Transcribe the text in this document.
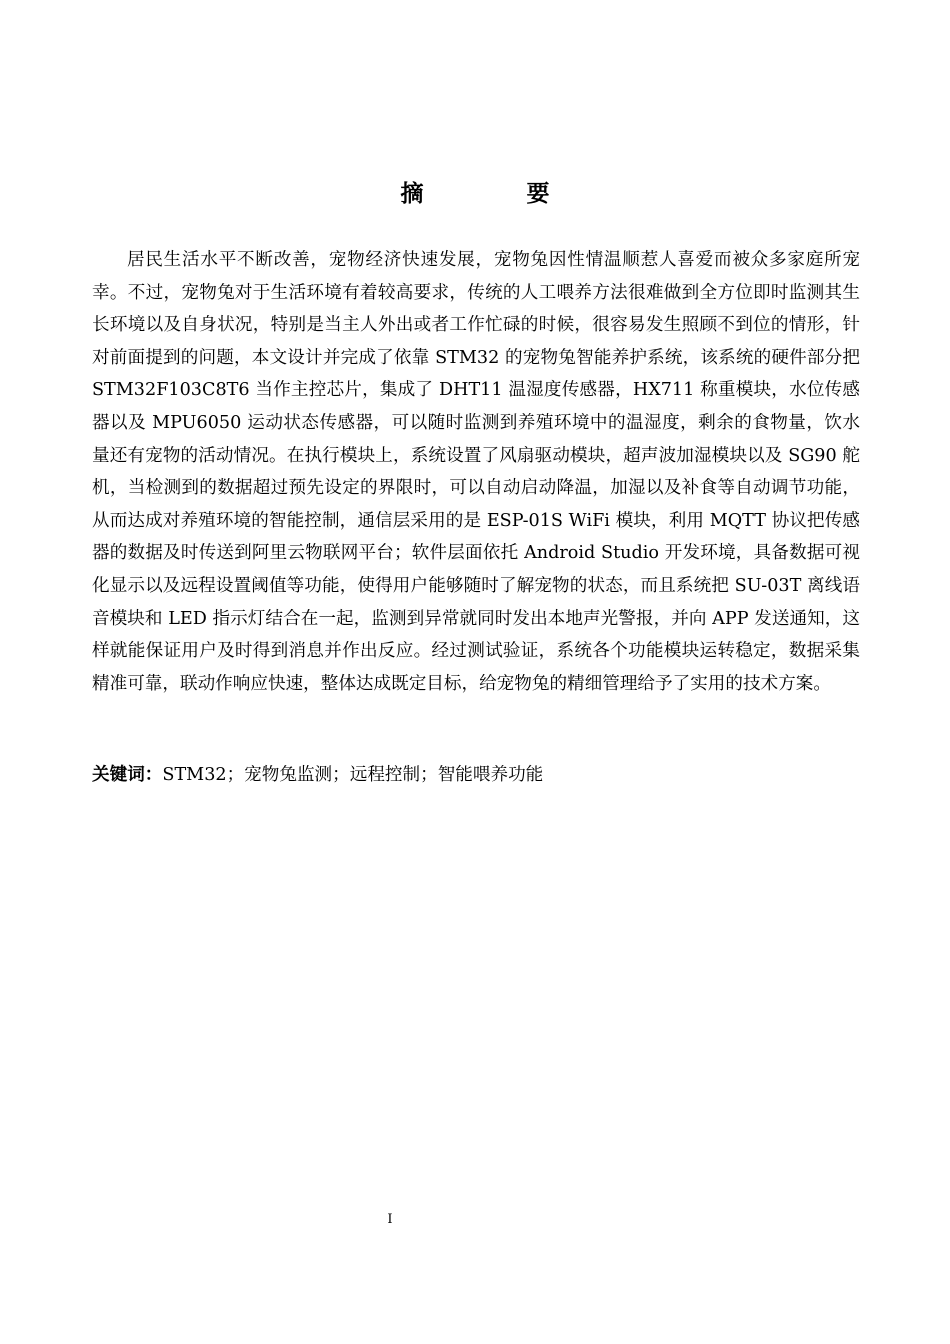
摘　要

居民生活水平不断改善，宠物经济快速发展，宠物兔因性情温顺惹人喜爱而被众多家庭所宠幸。不过，宠物兔对于生活环境有着较高要求，传统的人工喂养方法很难做到全方位即时监测其生长环境以及自身状况，特别是当主人外出或者工作忙碌的时候，很容易发生照顾不到位的情形，针对前面提到的问题，本文设计并完成了依靠 STM32 的宠物兔智能养护系统，该系统的硬件部分把 STM32F103C8T6 当作主控芯片，集成了 DHT11 温湿度传感器，HX711 称重模块，水位传感器以及 MPU6050 运动状态传感器，可以随时监测到养殖环境中的温湿度，剩余的食物量，饮水量还有宠物的活动情况。在执行模块上，系统设置了风扇驱动模块，超声波加湿模块以及 SG90 舵机，当检测到的数据超过预先设定的界限时，可以自动启动降温，加湿以及补食等自动调节功能，从而达成对养殖环境的智能控制，通信层采用的是 ESP-01S WiFi 模块，利用 MQTT 协议把传感器的数据及时传送到阿里云物联网平台；软件层面依托 Android Studio 开发环境，具备数据可视化显示以及远程设置阈值等功能，使得用户能够随时了解宠物的状态，而且系统把 SU-03T 离线语音模块和 LED 指示灯结合在一起，监测到异常就同时发出本地声光警报，并向 APP 发送通知，这样就能保证用户及时得到消息并作出反应。经过测试验证，系统各个功能模块运转稳定，数据采集精准可靠，联动作响应快速，整体达成既定目标，给宠物兔的精细管理给予了实用的技术方案。

关键词：STM32；宠物兔监测；远程控制；智能喂养功能
I
